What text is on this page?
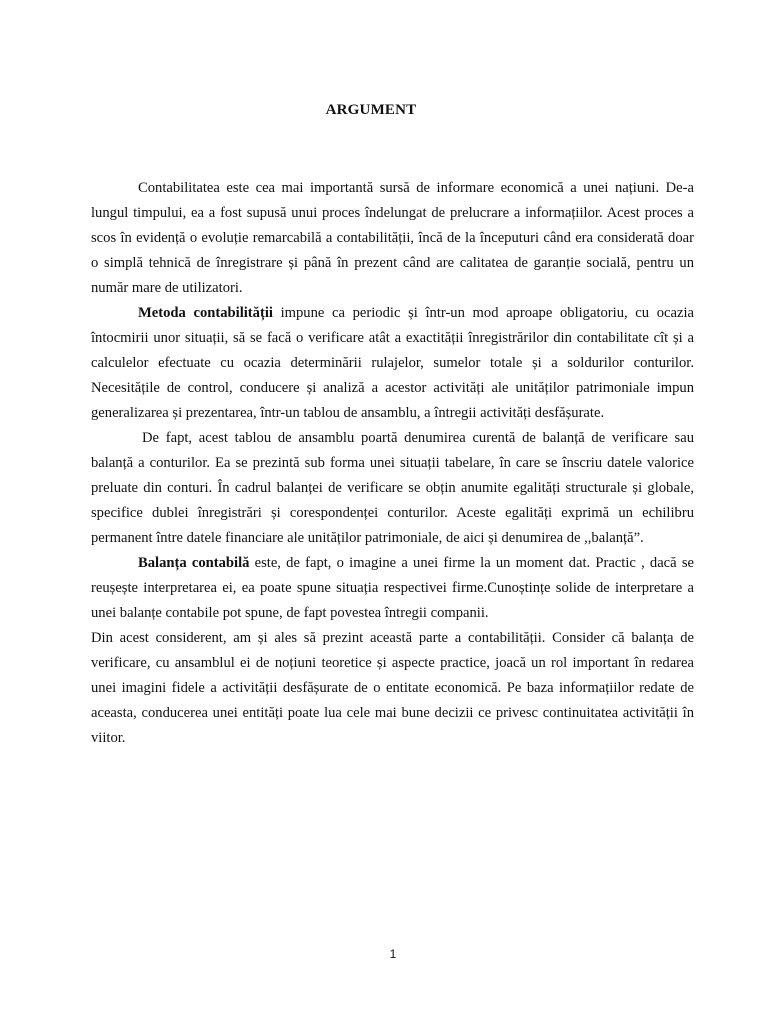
ARGUMENT

Contabilitatea este cea mai importantă sursă de informare economică a unei națiuni. De-a lungul timpului, ea a fost supusă unui proces îndelungat de prelucrare a informațiilor. Acest proces a scos în evidență o evoluție remarcabilă a contabilității, încă de la începuturi când era considerată doar o simplă tehnică de înregistrare și până în prezent când are calitatea de garanție socială, pentru un număr mare de utilizatori.

Metoda contabilității impune ca periodic și într-un mod aproape obligatoriu, cu ocazia întocmirii unor situații, să se facă o verificare atât a exactității înregistrărilor din contabilitate cît și a calculelor efectuate cu ocazia determinării rulajelor, sumelor totale și a soldurilor conturilor. Necesitățile de control, conducere și analiză a acestor activități ale unităților patrimoniale impun generalizarea și prezentarea, într-un tablou de ansamblu, a întregii activități desfășurate.

De fapt, acest tablou de ansamblu poartă denumirea curentă de balanță de verificare sau balanță a conturilor. Ea se prezintă sub forma unei situații tabelare, în care se înscriu datele valorice preluate din conturi. În cadrul balanței de verificare se obțin anumite egalități structurale și globale, specifice dublei înregistrări și corespondenței conturilor. Aceste egalități exprimă un echilibru permanent între datele financiare ale unităților patrimoniale, de aici și denumirea de ,,balanță”.

Balanța contabilă este, de fapt, o imagine a unei firme la un moment dat. Practic , dacă se reușește interpretarea ei, ea poate spune situația respectivei firme.Cunoștințe solide de interpretare a unei balanțe contabile pot spune, de fapt povestea întregii companii.

Din acest considerent, am și ales să prezint această parte a contabilității. Consider că balanța de verificare, cu ansamblul ei de noțiuni teoretice și aspecte practice, joacă un rol important în redarea unei imagini fidele a activității desfășurate de o entitate economică. Pe baza informațiilor redate de aceasta, conducerea unei entități poate lua cele mai bune decizii ce privesc continuitatea activității în viitor.

1
